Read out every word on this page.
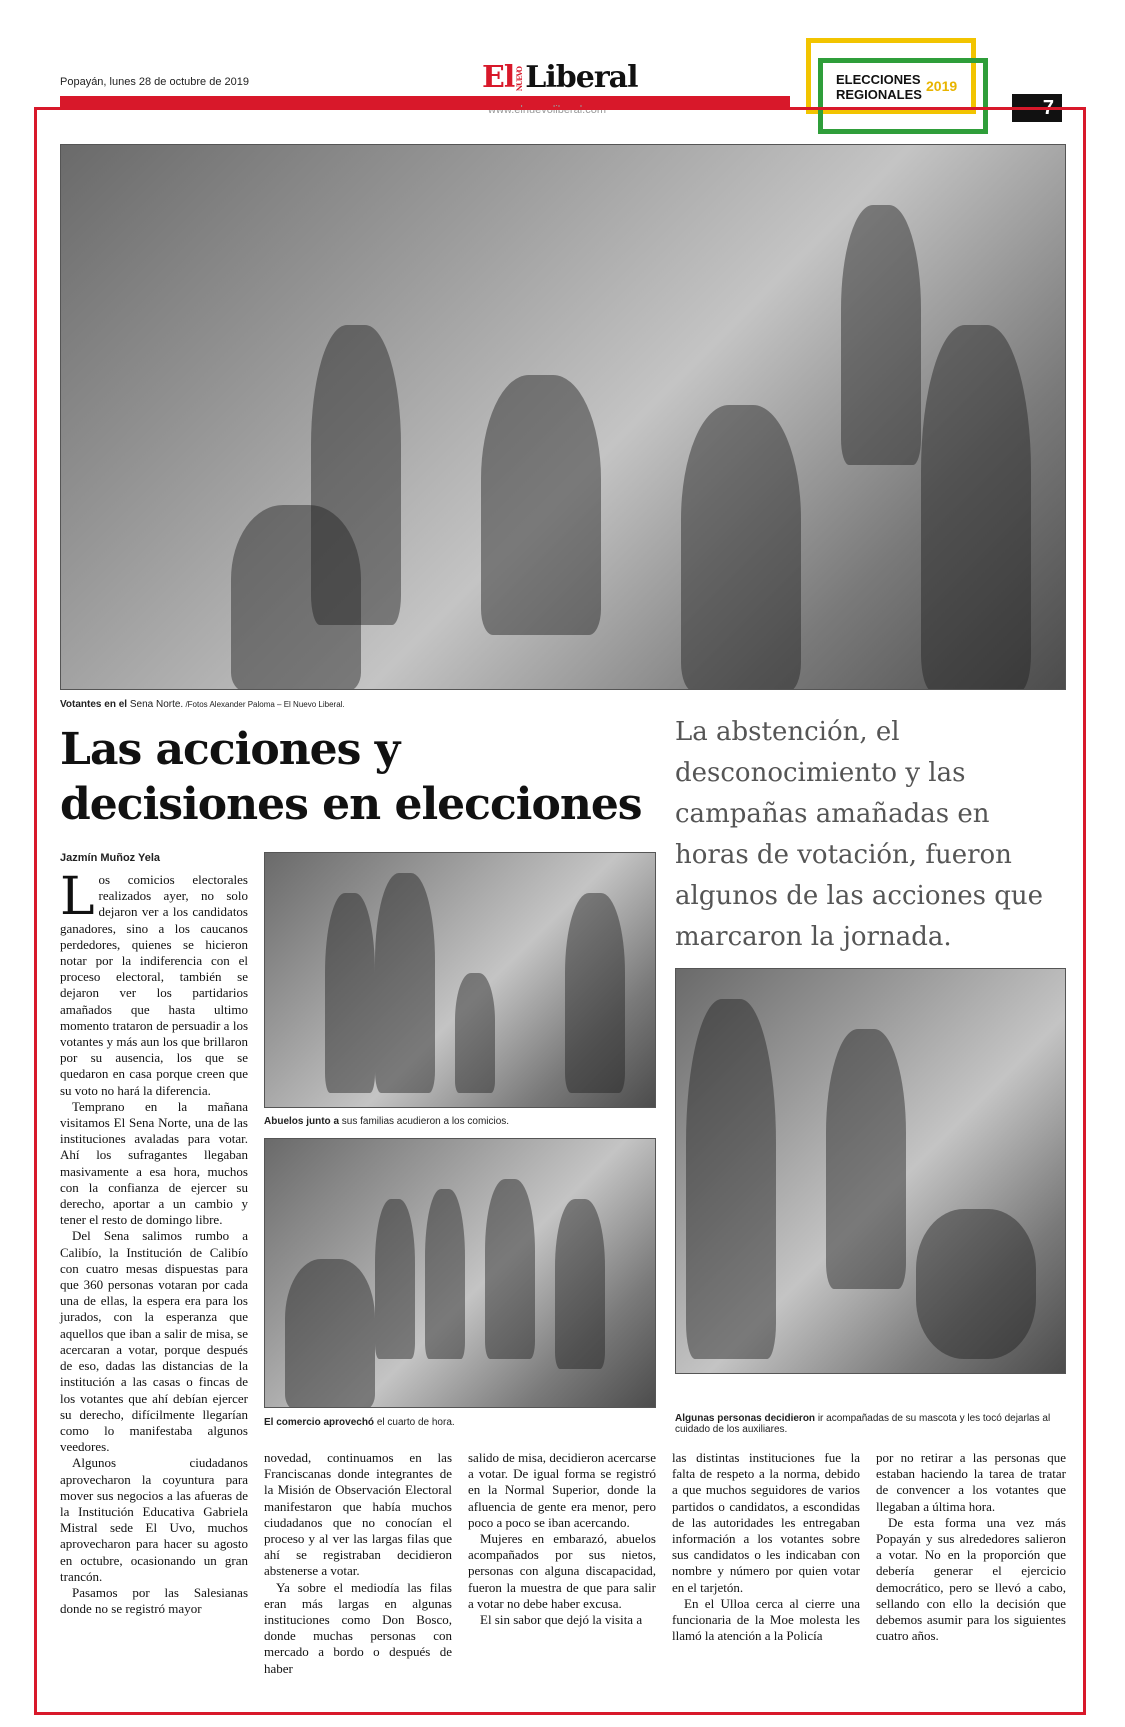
Popayán, lunes 28 de octubre de 2019	ElNUEVOLiberal
www.elnuevoliberal.com
ELECCIONES
REGIONALES
2019
7
Votantes en el Sena Norte. /Fotos Alexander Paloma – El Nuevo Liberal.
Las acciones y decisiones en elecciones
La abstención, el desconocimiento y las campañas amañadas en horas de votación, fueron algunos de las acciones que marcaron la jornada.
Jazmín Muñoz Yela
Abuelos junto a sus familias acudieron a los comicios.
El comercio aprovechó el cuarto de hora.	Algunas personas decidieron ir acompañadas de su mascota y les tocó dejarlas al cuidado de los auxiliares.

Los comicios electorales realizados ayer, no solo dejaron ver a los candidatos ganadores, sino a los caucanos perdedores, quienes se hicieron notar por la indiferencia con el proceso electoral, también se dejaron ver los partidarios amañados que hasta ultimo momento trataron de persuadir a los votantes y más aun los que brillaron por su ausencia, los que se quedaron en casa porque creen que su voto no hará la diferencia.

Temprano en la mañana visitamos El Sena Norte, una de las instituciones avaladas para votar. Ahí los sufragantes llegaban masivamente a esa hora, muchos con la confianza de ejercer su derecho, aportar a un cambio y tener el resto de domingo libre.

Del Sena salimos rumbo a Calibío, la Institución de Calibío con cuatro mesas dispuestas para que 360 personas votaran por cada una de ellas, la espera era para los jurados, con la esperanza que aquellos que iban a salir de misa, se acercaran a votar, porque después de eso, dadas las distancias de la institución a las casas o fincas de los votantes que ahí debían ejercer su derecho, difícilmente llegarían como lo manifestaba algunos veedores.

Algunos ciudadanos aprovecharon la coyuntura para mover sus negocios a las afueras de la Institución Educativa Gabriela Mistral sede El Uvo, muchos aprovecharon para hacer su agosto en octubre, ocasionando un gran trancón.

Pasamos por las Salesianas donde no se registró mayor

novedad, continuamos en las Franciscanas donde integrantes de la Misión de Observación Electoral manifestaron que había muchos ciudadanos que no conocían el proceso y al ver las largas filas que ahí se registraban decidieron abstenerse a votar.

Ya sobre el mediodía las filas eran más largas en algunas instituciones como Don Bosco, donde muchas personas con mercado a bordo o después de haber

salido de misa, decidieron acercarse a votar. De igual forma se registró en la Normal Superior, donde la afluencia de gente era menor, pero poco a poco se iban acercando.

Mujeres en embarazó, abuelos acompañados por sus nietos, personas con alguna discapacidad, fueron la muestra de que para salir a votar no debe haber excusa.

El sin sabor que dejó la visita a

las distintas instituciones fue la falta de respeto a la norma, debido a que muchos seguidores de varios partidos o candidatos, a escondidas de las autoridades les entregaban información a los votantes sobre sus candidatos o les indicaban con nombre y número por quien votar en el tarjetón.

En el Ulloa cerca al cierre una funcionaria de la Moe molesta les llamó la atención a la Policía

por no retirar a las personas que estaban haciendo la tarea de tratar de convencer a los votantes que llegaban a última hora.

De esta forma una vez más Popayán y sus alrededores salieron a votar. No en la proporción que debería generar el ejercicio democrático, pero se llevó a cabo, sellando con ello la decisión que debemos asumir para los siguientes cuatro años.
